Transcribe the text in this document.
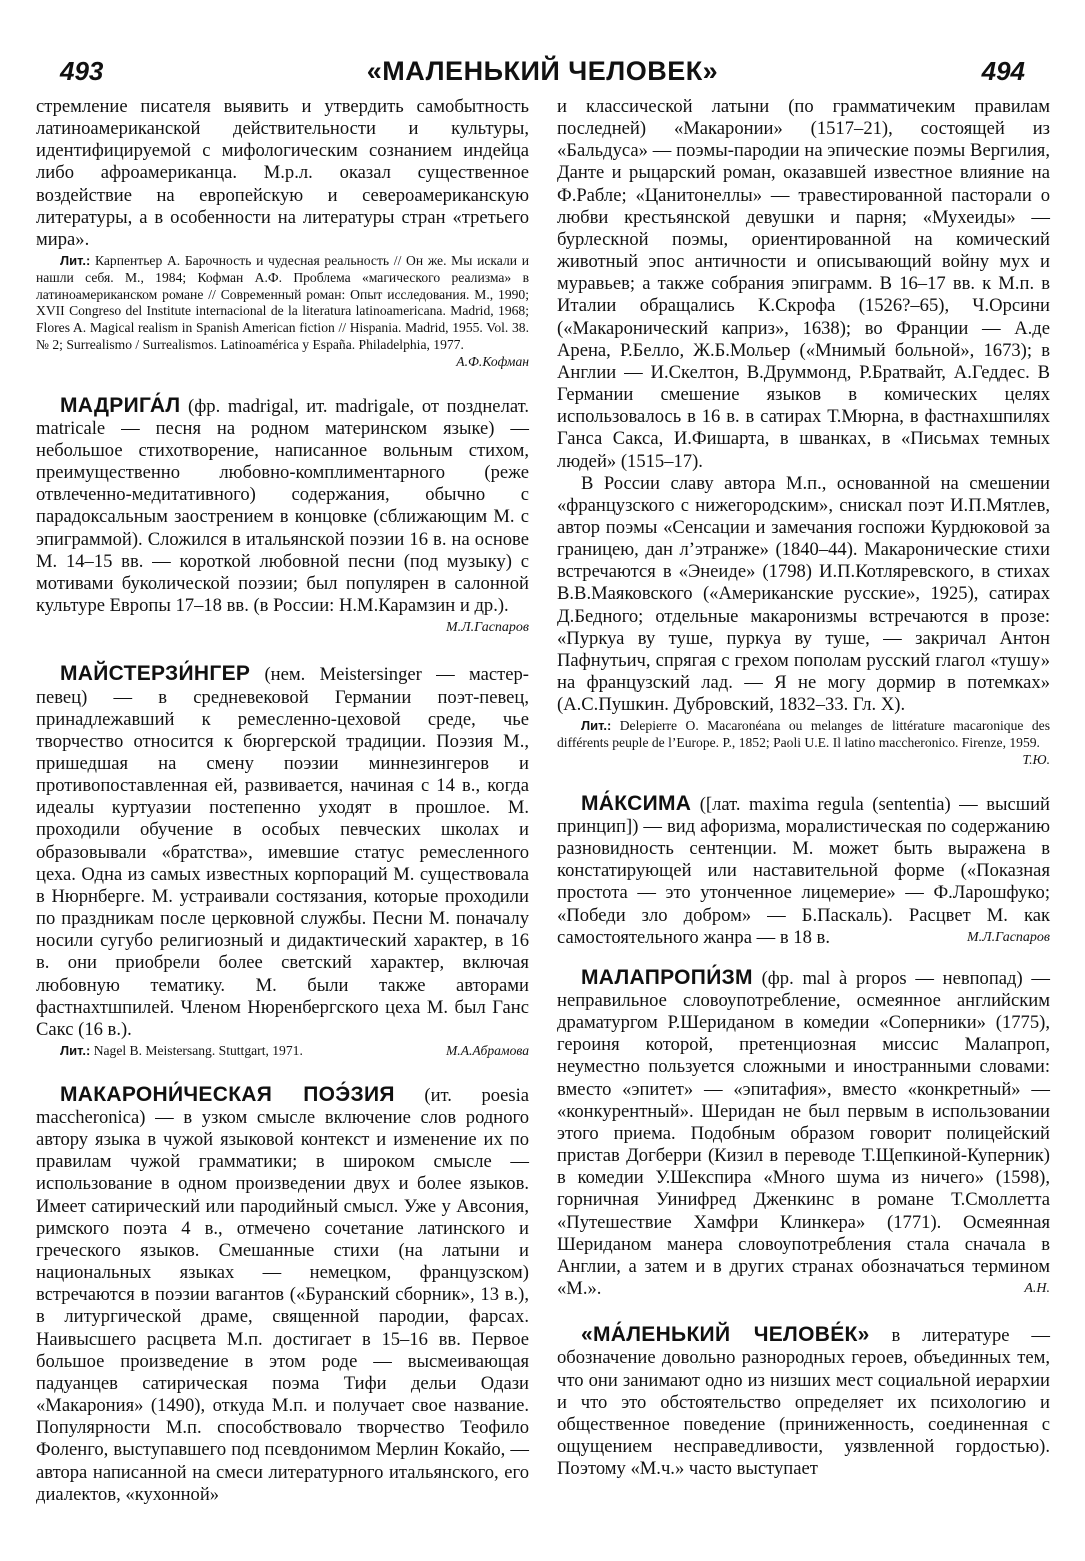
493	«МАЛЕНЬКИЙ ЧЕЛОВЕК»	494

стремление писателя выявить и утвердить самобытность латиноамериканской действительности и культуры, идентифицируемой с мифологическим сознанием индейца либо афроамериканца. М.р.л. оказал существенное воздействие на европейскую и североамериканскую литературы, а в особенности на литературы стран «третьего мира».

Лит.: Карпентьер А. Барочность и чудесная реальность // Он же. Мы искали и нашли себя. М., 1984; Кофман А.Ф. Проблема «магического реализма» в латиноамериканском романе // Современный роман: Опыт исследования. М., 1990; XVII Congreso del Institute internacional de la literatura latinoamericana. Madrid, 1968; Flores A. Magical realism in Spanish American fiction // Hispania. Madrid, 1955. Vol. 38. № 2; Surrealismo / Surrealismos. Latinoamérica y España. Philadelphia, 1977.
А.Ф.Кофман

МАДРИГА́Л (фр. madrigal, ит. madrigale, от позднелат. matricale — песня на родном материнском языке) — небольшое стихотворение, написанное вольным стихом, преимущественно любовно-комплиментарного (реже отвлеченно-медитативного) содержания, обычно с парадоксальным заострением в концовке (сближающим М. с эпиграммой). Сложился в итальянской поэзии 16 в. на основе М. 14–15 вв. — короткой любовной песни (под музыку) с мотивами буколической поэзии; был популярен в салонной культуре Европы 17–18 вв. (в России: Н.М.Карамзин и др.).
М.Л.Гаспаров

МАЙСТЕРЗИ́НГЕР (нем. Meistersinger — мастер-певец) — в средневековой Германии поэт-певец, принадлежавший к ремесленно-цеховой среде, чье творчество относится к бюргерской традиции. Поэзия М., пришедшая на смену поэзии миннезингеров и противопоставленная ей, развивается, начиная с 14 в., когда идеалы куртуазии постепенно уходят в прошлое. М. проходили обучение в особых певческих школах и образовывали «братства», имевшие статус ремесленного цеха. Одна из самых известных корпораций М. существовала в Нюрнберге. М. устраивали состязания, которые проходили по праздникам после церковной службы. Песни М. поначалу носили сугубо религиозный и дидактический характер, в 16 в. они приобрели более светский характер, включая любовную тематику. М. были также авторами фастнахтшпилей. Членом Нюренбергского цеха М. был Ганс Сакс (16 в.).

Лит.: Nagel B. Meistersang. Stuttgart, 1971.	М.А.Абрамова

МАКАРОНИ́ЧЕСКАЯ ПОЭ́ЗИЯ (ит. poesia maccheronica) — в узком смысле включение слов родного автору языка в чужой языковой контекст и изменение их по правилам чужой грамматики; в широком смысле — использование в одном произведении двух и более языков. Имеет сатирический или пародийный смысл. Уже у Авсония, римского поэта 4 в., отмечено сочетание латинского и греческого языков. Смешанные стихи (на латыни и национальных языках — немецком, французском) встречаются в поэзии вагантов («Буранский сборник», 13 в.), в литургической драме, священной пародии, фарсах. Наивысшего расцвета М.п. достигает в 15–16 вв. Первое большое произведение в этом роде — высмеивающая падуанцев сатирическая поэма Тифи дельи Одази «Макарония» (1490), откуда М.п. и получает свое название. Популярности М.п. способствовало творчество Теофило Фоленго, выступавшего под псевдонимом Мерлин Кокайо, — автора написанной на смеси литературного итальянского, его диалектов, «кухонной»

и классической латыни (по грамматичеким правилам последней) «Макаронии» (1517–21), состоящей из «Бальдуса» — поэмы-пародии на эпические поэмы Вергилия, Данте и рыцарский роман, оказавшей известное влияние на Ф.Рабле; «Цанитонеллы» — травестированной пасторали о любви крестьянской девушки и парня; «Мухеиды» — бурлескной поэмы, ориентированной на комический животный эпос античности и описывающий войну мух и муравьев; а также собрания эпиграмм. В 16–17 вв. к М.п. в Италии обращались К.Скрофа (1526?–65), Ч.Орсини («Макаронический каприз», 1638); во Франции — А.де Арена, Р.Белло, Ж.Б.Мольер («Мнимый больной», 1673); в Англии — И.Скелтон, В.Друммонд, Р.Братвайт, А.Геддес. В Германии смешение языков в комических целях использовалось в 16 в. в сатирах Т.Мюрна, в фастнахшпилях Ганса Сакса, И.Фишарта, в шванках, в «Письмах темных людей» (1515–17).

В России славу автора М.п., основанной на смешении «французского с нижегородским», снискал поэт И.П.Мятлев, автор поэмы «Сенсации и замечания госпожи Курдюковой за границею, дан л’этранже» (1840–44). Макаронические стихи встречаются в «Энеиде» (1798) И.П.Котляревского, в стихах В.В.Маяковского («Американские русские», 1925), сатирах Д.Бедного; отдельные макаронизмы встречаются в прозе: «Пуркуа ву туше, пуркуа ву туше, — закричал Антон Пафнутьич, спрягая с грехом пополам русский глагол «тушу» на французский лад. — Я не могу дормир в потемках» (А.С.Пушкин. Дубровский, 1832–33. Гл. X).

Лит.: Delepierre O. Macaronéana ou melanges de littérature macaronique des différents peuple de l’Europe. P., 1852; Paoli U.E. Il latino maccheronico. Firenze, 1959.
Т.Ю.

МА́КСИМА ([лат. maxima regula (sententia) — высший принцип]) — вид афоризма, моралистическая по содержанию разновидность сентенции. М. может быть выражена в констатирующей или наставительной форме («Показная простота — это утонченное лицемерие» — Ф.Ларошфуко; «Победи зло добром» — Б.Паскаль). Расцвет М. как самостоятельного жанра — в 18 в.	М.Л.Гаспаров

МАЛАПРОПИ́ЗМ (фр. mal à propos — невпопад) — неправильное словоупотребление, осмеянное английским драматургом Р.Шериданом в комедии «Соперники» (1775), героиня которой, претенциозная миссис Малапроп, неуместно пользуется сложными и иностранными словами: вместо «эпитет» — «эпитафия», вместо «конкретный» — «конкурентный». Шеридан не был первым в использовании этого приема. Подобным образом говорит полицейский пристав Догберри (Кизил в переводе Т.Щепкиной-Куперник) в комедии У.Шекспира «Много шума из ничего» (1598), горничная Уинифред Дженкинс в романе Т.Смоллетта «Путешествие Хамфри Клинкера» (1771). Осмеянная Шериданом манера словоупотребления стала сначала в Англии, а затем и в других странах обозначаться термином «М.».	А.Н.

«МА́ЛЕНЬКИЙ ЧЕЛОВЕ́К» в литературе — обозначение довольно разнородных героев, объединных тем, что они занимают одно из низших мест социальной иерархии и что это обстоятельство определяет их психологию и общественное поведение (приниженность, соединенная с ощущением несправедливости, уязвленной гордостью). Поэтому «М.ч.» часто выступает
